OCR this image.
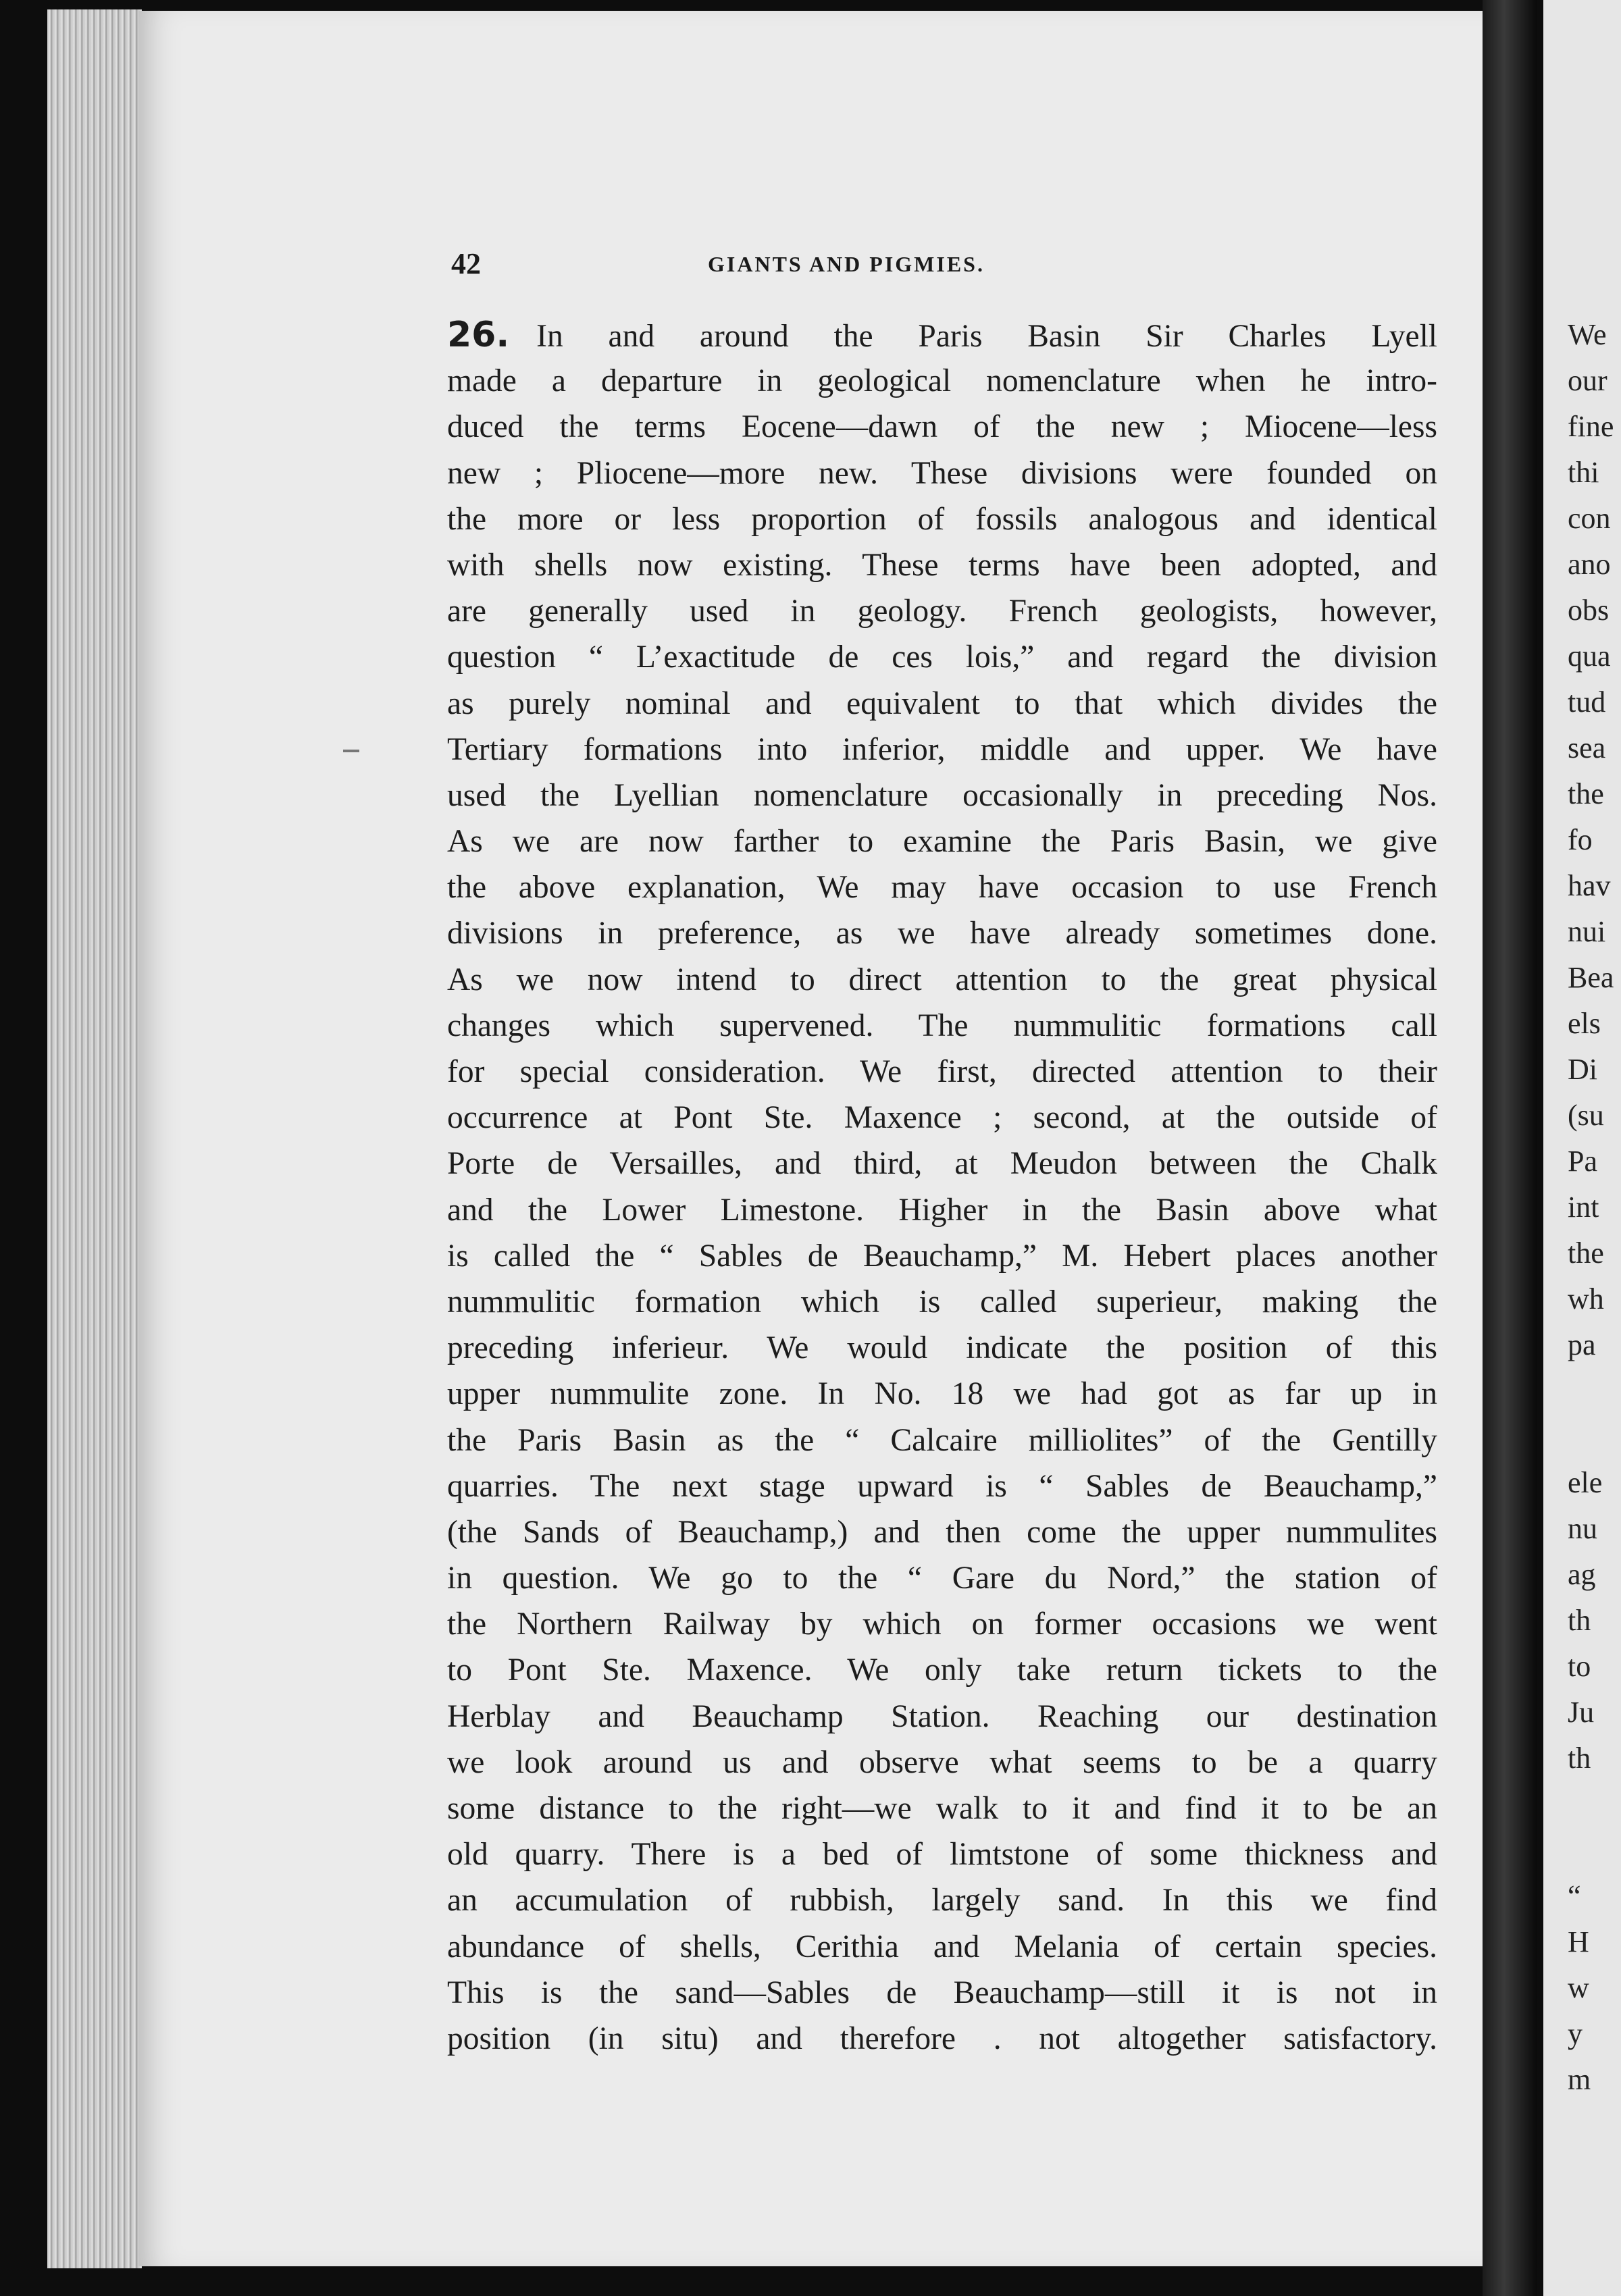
42	GIANTS AND PIGMIES.
26. In and around the Paris Basin Sir Charles Lyell
made a departure in geological nomenclature when he intro-
duced the terms Eocene—dawn of the new ; Miocene—less
new ; Pliocene—more new. These divisions were founded on
the more or less proportion of fossils analogous and identical
with shells now existing. These terms have been adopted, and
are generally used in geology. French geologists, however,
question “ L’exactitude de ces lois,” and regard the division
as purely nominal and equivalent to that which divides the
Tertiary formations into inferior, middle and upper. We have
used the Lyellian nomenclature occasionally in preceding Nos.
As we are now farther to examine the Paris Basin, we give
the above explanation, We may have occasion to use French
divisions in preference, as we have already sometimes done.
As we now intend to direct attention to the great physical
changes which supervened. The nummulitic formations call
for special consideration. We first, directed attention to their
occurrence at Pont Ste. Maxence ; second, at the outside of
Porte de Versailles, and third, at Meudon between the Chalk
and the Lower Limestone. Higher in the Basin above what
is called the “ Sables de Beauchamp,” M. Hebert places another
nummulitic formation which is called superieur, making the
preceding inferieur. We would indicate the position of this
upper nummulite zone. In No. 18 we had got as far up in
the Paris Basin as the “ Calcaire milliolites” of the Gentilly
quarries. The next stage upward is “ Sables de Beauchamp,”
(the Sands of Beauchamp,) and then come the upper nummulites
in question. We go to the “ Gare du Nord,” the station of
the Northern Railway by which on former occasions we went
to Pont Ste. Maxence. We only take return tickets to the
Herblay and Beauchamp Station. Reaching our destination
we look around us and observe what seems to be a quarry
some distance to the right—we walk to it and find it to be an
old quarry. There is a bed of limtstone of some thickness and
an accumulation of rubbish, largely sand. In this we find
abundance of shells, Cerithia and Melania of certain species.
This is the sand—Sables de Beauchamp—still it is not in
position (in situ) and therefore . not altogether satisfactory.
We
our
fine
thi
con
ano
obs
qua
tud
sea
the
fo
hav
nui
Bea
els
Di
(su
Pa
int
the
wh
pa
ele
nu
ag
th
to
Ju
th
“
H
w
y
m
